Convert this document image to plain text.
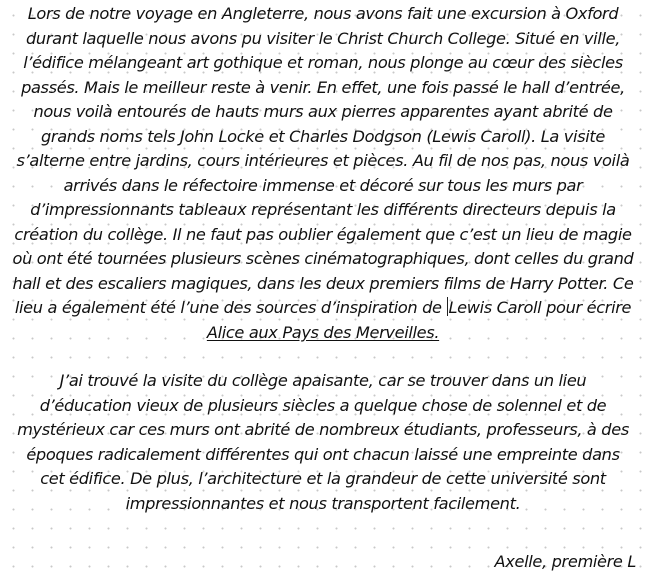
Lors de notre voyage en Angleterre, nous avons fait une excursion à Oxford
durant laquelle nous avons pu visiter le Christ Church College. Situé en ville,
l’édifice mélangeant art gothique et roman, nous plonge au cœur des siècles
passés. Mais le meilleur reste à venir. En effet, une fois passé le hall d’entrée,
nous voilà entourés de hauts murs aux pierres apparentes ayant abrité de
grands noms tels John Locke et Charles Dodgson (Lewis Caroll). La visite
s’alterne entre jardins, cours intérieures et pièces. Au fil de nos pas, nous voilà
arrivés dans le réfectoire immense et décoré sur tous les murs par
d’impressionnants tableaux représentant les différents directeurs depuis la
création du collège. Il ne faut pas oublier également que c’est un lieu de magie
où ont été tournées plusieurs scènes cinématographiques, dont celles du grand
hall et des escaliers magiques, dans les deux premiers films de Harry Potter. Ce
lieu a également été l’une des sources d’inspiration de Lewis Caroll pour écrire
Alice aux Pays des Merveilles.

J’ai trouvé la visite du collège apaisante, car se trouver dans un lieu
d’éducation vieux de plusieurs siècles a quelque chose de solennel et de
mystérieux car ces murs ont abrité de nombreux étudiants, professeurs, à des
époques radicalement différentes qui ont chacun laissé une empreinte dans
cet édifice. De plus, l’architecture et la grandeur de cette université sont
impressionnantes et nous transportent facilement.

Axelle, première L
